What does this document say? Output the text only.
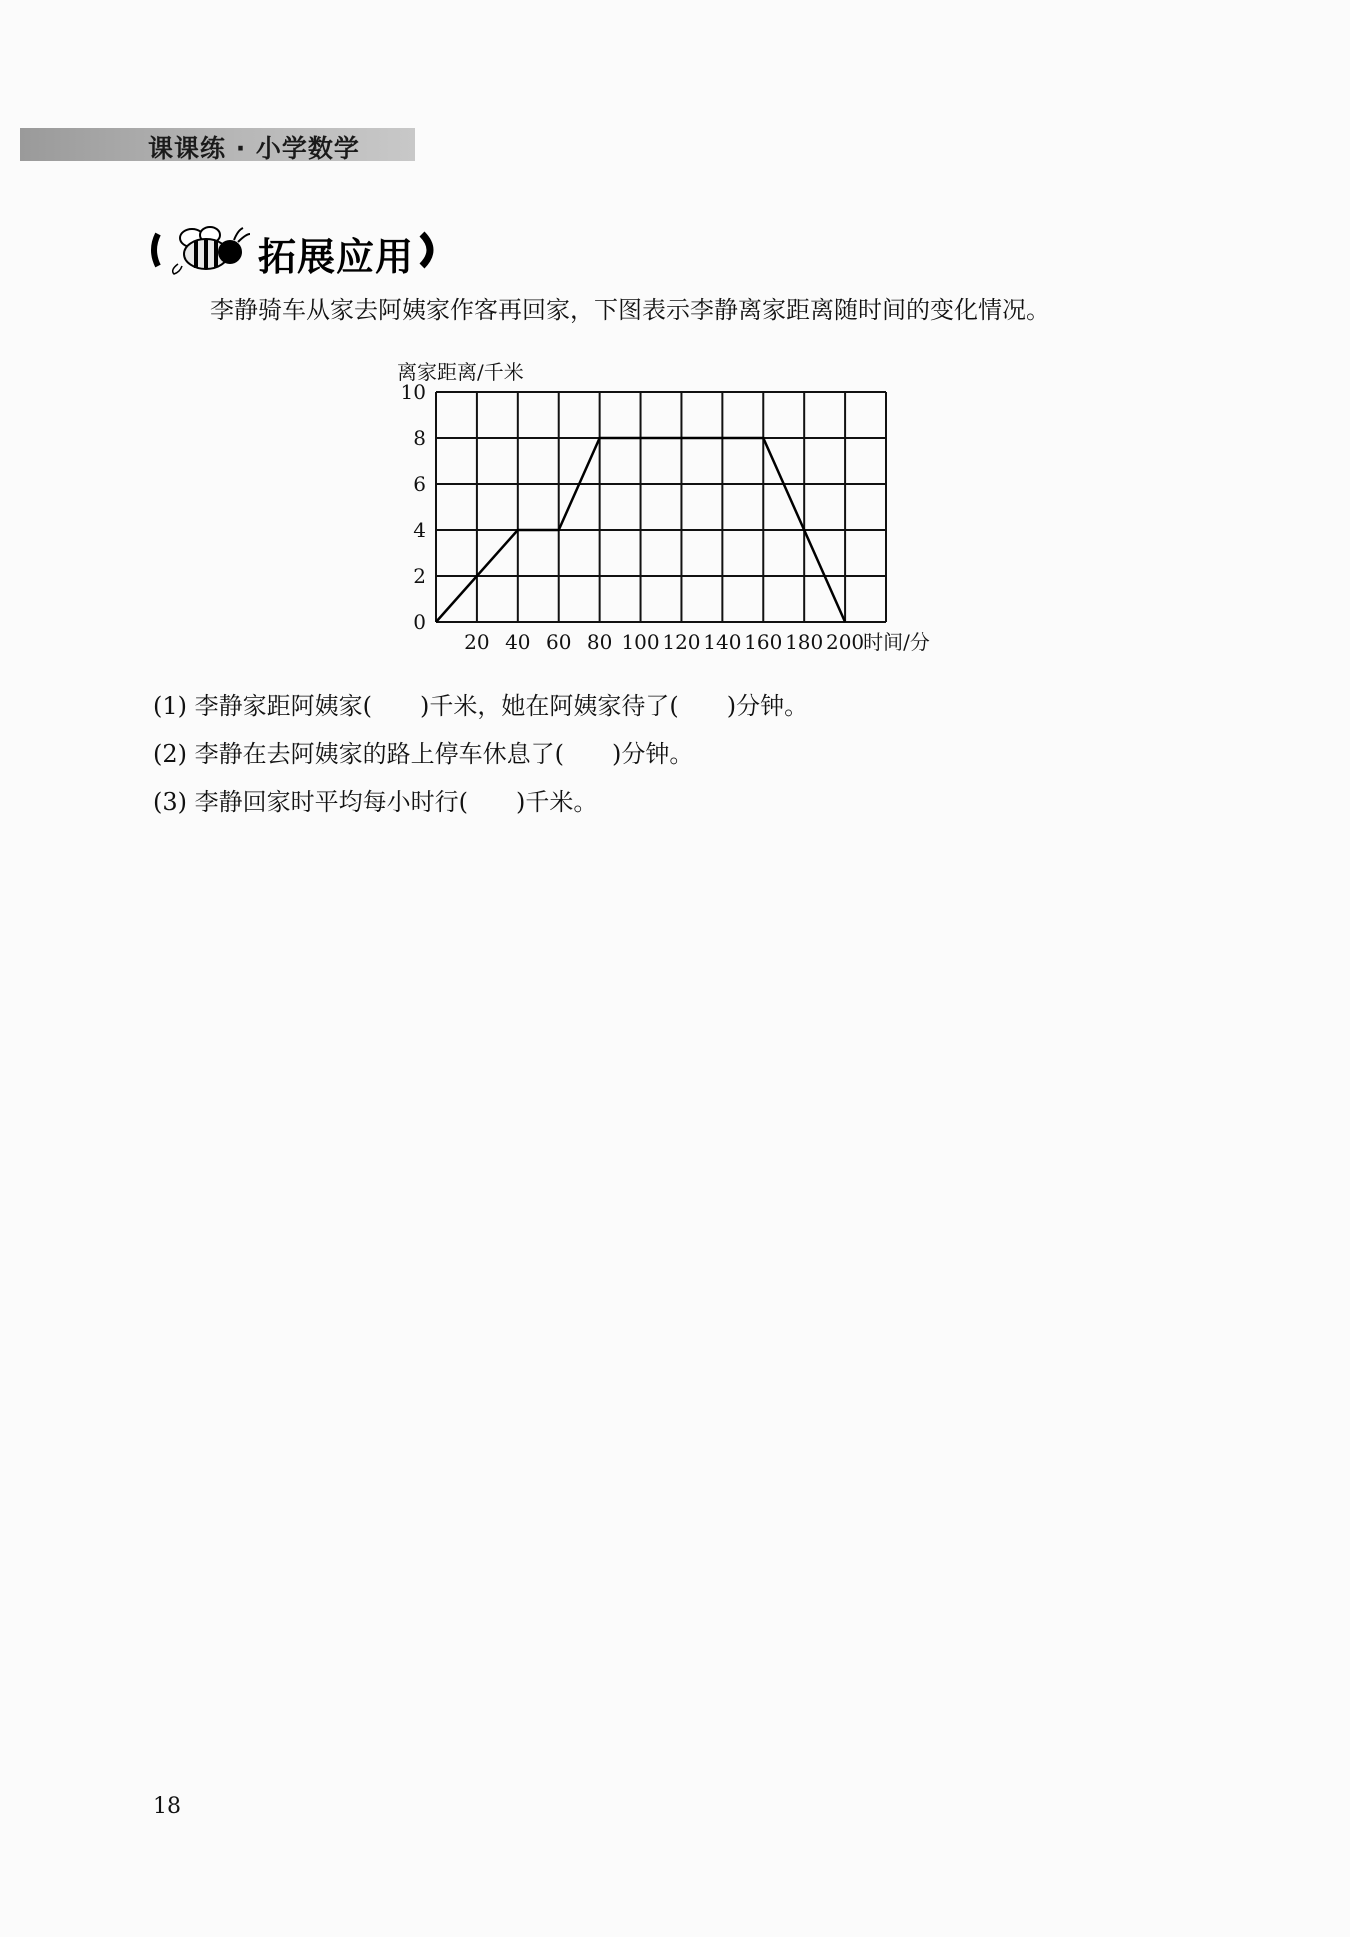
课课练 · 小学数学
拓展应用
李静骑车从家去阿姨家作客再回家，下图表示李静离家距离随时间的变化情况。
离家距离/千米
0
2
4
6
8
10
20 40 60 80 100 120 140 160 180 200
时间/分
(1) 李静家距阿姨家(　　)千米，她在阿姨家待了(　　)分钟。
(2) 李静在去阿姨家的路上停车休息了(　　)分钟。
(3) 李静回家时平均每小时行(　　)千米。
18
